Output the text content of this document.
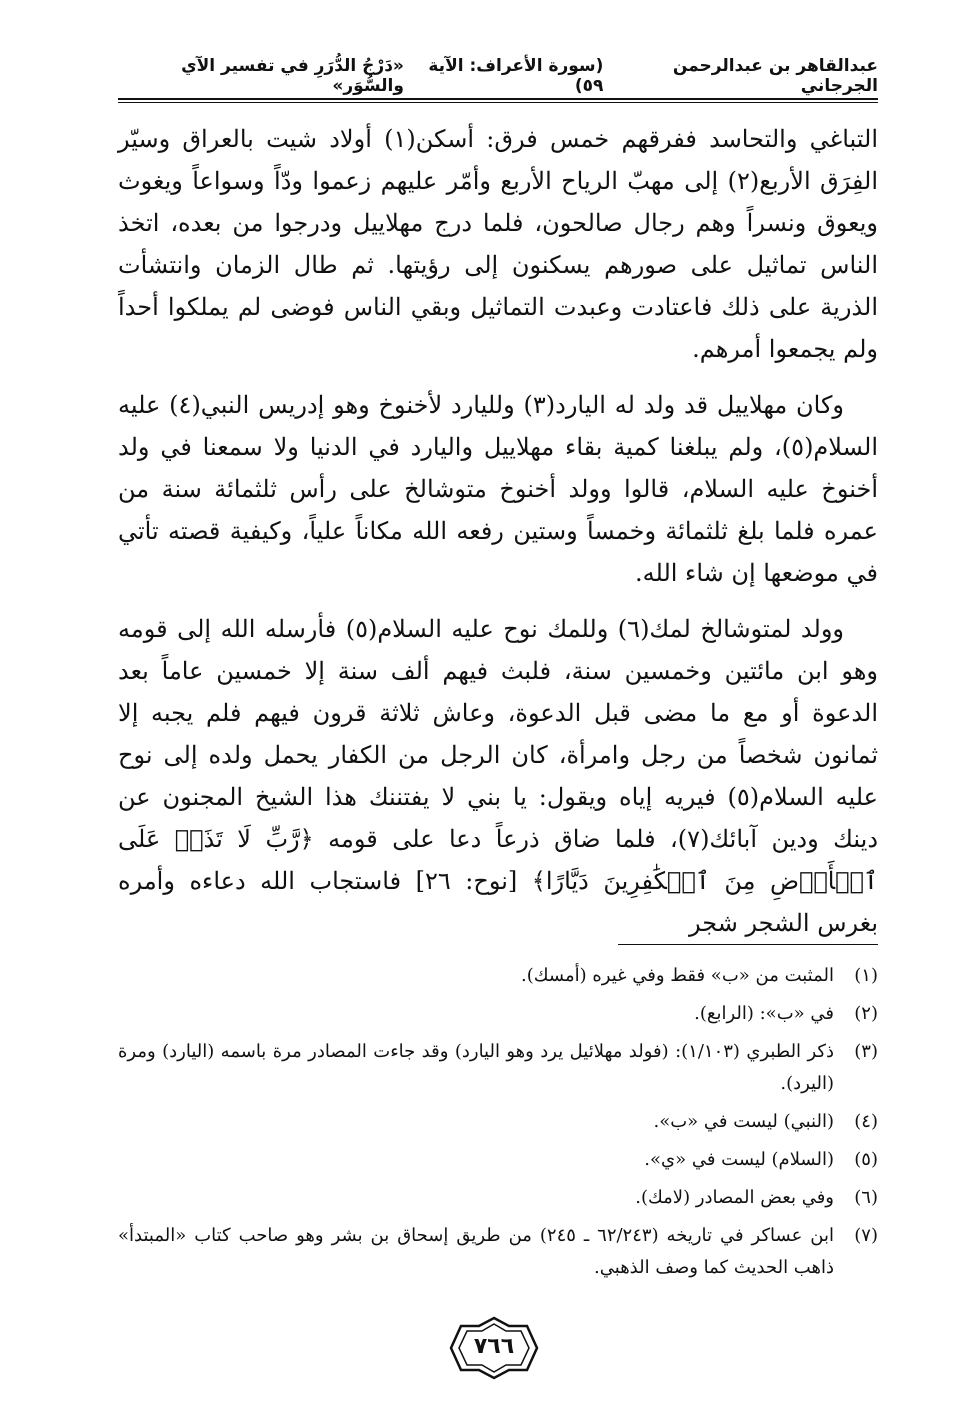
عبدالقاهر بن عبدالرحمن الجرجاني
(سورة الأعراف: الآية ٥٩)
«دَرْجُ الدُّرَرِ في تفسير الآي والسُّوَر»

التباغي والتحاسد ففرقهم خمس فرق: أسكن(١) أولاد شيت بالعراق وسيّر الفِرَق الأربع(٢) إلى مهبّ الرياح الأربع وأمّر عليهم زعموا ودّاً وسواعاً ويغوث ويعوق ونسراً وهم رجال صالحون، فلما درج مهلاييل ودرجوا من بعده، اتخذ الناس تماثيل على صورهم يسكنون إلى رؤيتها. ثم طال الزمان وانتشأت الذرية على ذلك فاعتادت وعبدت التماثيل وبقي الناس فوضى لم يملكوا أحداً ولم يجمعوا أمرهم.

وكان مهلاييل قد ولد له اليارد(٣) ولليارد لأخنوخ وهو إدريس النبي(٤) عليه السلام(٥)، ولم يبلغنا كمية بقاء مهلاييل واليارد في الدنيا ولا سمعنا في ولد أخنوخ عليه السلام، قالوا وولد أخنوخ متوشالخ على رأس ثلثمائة سنة من عمره فلما بلغ ثلثمائة وخمساً وستين رفعه الله مكاناً علياً، وكيفية قصته تأتي في موضعها إن شاء الله.

وولد لمتوشالخ لمك(٦) وللمك نوح عليه السلام(٥) فأرسله الله إلى قومه وهو ابن مائتين وخمسين سنة، فلبث فيهم ألف سنة إلا خمسين عاماً بعد الدعوة أو مع ما مضى قبل الدعوة، وعاش ثلاثة قرون فيهم فلم يجبه إلا ثمانون شخصاً من رجل وامرأة، كان الرجل من الكفار يحمل ولده إلى نوح عليه السلام(٥) فيريه إياه ويقول: يا بني لا يفتننك هذا الشيخ المجنون عن دينك ودين آبائك(٧)، فلما ضاق ذرعاً دعا على قومه ﴿رَّبِّ لَا تَذَرۡ عَلَى ٱلۡأَرۡضِ مِنَ ٱلۡكَٰفِرِينَ دَيَّارًا﴾ [نوح: ٢٦] فاستجاب الله دعاءه وأمره بغرس الشجر شجر

(١)
المثبت من «ب» فقط وفي غيره (أمسك).
(٢)
في «ب»: (الرابع).
(٣)
ذكر الطبري (١/١٠٣): (فولد مهلائيل يرد وهو اليارد) وقد جاءت المصادر مرة باسمه (اليارد) ومرة (اليرد).
(٤)
(النبي) ليست في «ب».
(٥)
(السلام) ليست في «ي».
(٦)
وفي بعض المصادر (لامك).
(٧)
ابن عساكر في تاريخه (٦٢/٢٤٣ ـ ٢٤٥) من طريق إسحاق بن بشر وهو صاحب كتاب «المبتدأ» ذاهب الحديث كما وصف الذهبي.
٧٦٦
